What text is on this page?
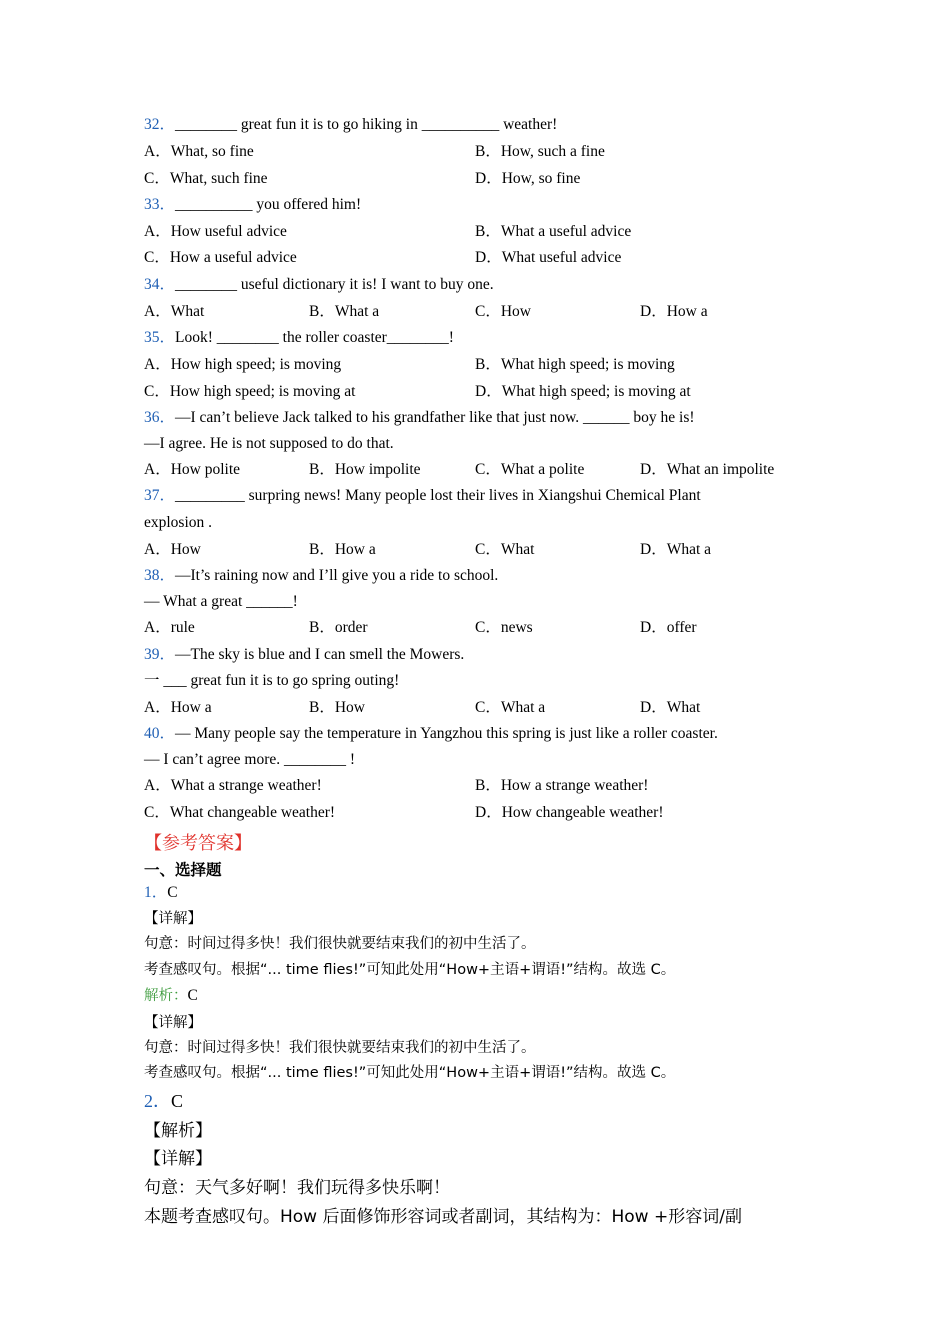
32．________ great fun it is to go hiking in __________ weather!
A．What, so fine	B．How, such a fine
C．What, such fine	D．How, so fine
33．__________ you offered him!
A．How useful advice	B．What a useful advice
C．How a useful advice	D．What useful advice
34．________ useful dictionary it is! I want to buy one.
A．What	B．What a	C．How	D．How a
35．Look! ________ the roller coaster________!
A．How high speed; is moving	B．What high speed; is moving
C．How high speed; is moving at	D．What high speed; is moving at
36．—I can’t believe Jack talked to his grandfather like that just now. ______ boy he is!
—I agree. He is not supposed to do that.
A．How polite	B．How impolite	C．What a polite	D．What an impolite
37．_________ surpring news! Many people lost their lives in Xiangshui Chemical Plant
explosion .
A．How	B．How a	C．What	D．What a
38．—It’s raining now and I’ll give you a ride to school.
— What a great ______!
A．rule	B．order	C．news	D．offer
39．—The sky is blue and I can smell the Mowers.
一 ___ great fun it is to go spring outing!
A．How a	B．How	C．What a	D．What
40．— Many people say the temperature in Yangzhou this spring is just like a roller coaster.
— I can’t agree more. ________ !
A．What a strange weather!	B．How a strange weather!
C．What changeable weather!	D．How changeable weather!
【参考答案】
一、选择题
1．C
【详解】
句意：时间过得多快！我们很快就要结束我们的初中生活了。
考查感叹句。根据“... time flies!”可知此处用“How+主语+谓语!”结构。故选 C。
解析：C
【详解】
句意：时间过得多快！我们很快就要结束我们的初中生活了。
考查感叹句。根据“... time flies!”可知此处用“How+主语+谓语!”结构。故选 C。
2．C
【解析】
【详解】
句意：天气多好啊！我们玩得多快乐啊！
本题考查感叹句。How 后面修饰形容词或者副词，其结构为：How +形容词/副
